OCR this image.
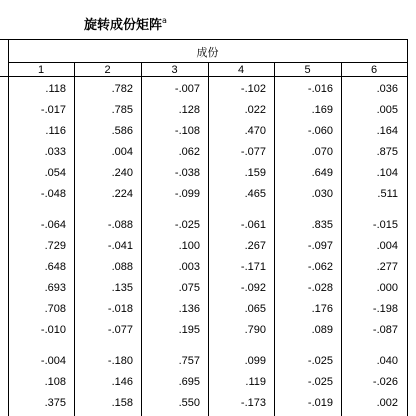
旋转成份矩阵$^a$
成份
1	2	3	4	5	6
.118	.782	-.007	-.102	-.016	.036
-.017	.785	.128	.022	.169	.005
.116	.586	-.108	.470	-.060	.164
.033	.004	.062	-.077	.070	.875
.054	.240	-.038	.159	.649	.104
-.048	.224	-.099	.465	.030	.511
-.064	-.088	-.025	-.061	.835	-.015
.729	-.041	.100	.267	-.097	.004
.648	.088	.003	-.171	-.062	.277
.693	.135	.075	-.092	-.028	.000
.708	-.018	.136	.065	.176	-.198
-.010	-.077	.195	.790	.089	-.087
-.004	-.180	.757	.099	-.025	.040
.108	.146	.695	.119	-.025	-.026
.375	.158	.550	-.173	-.019	.002
